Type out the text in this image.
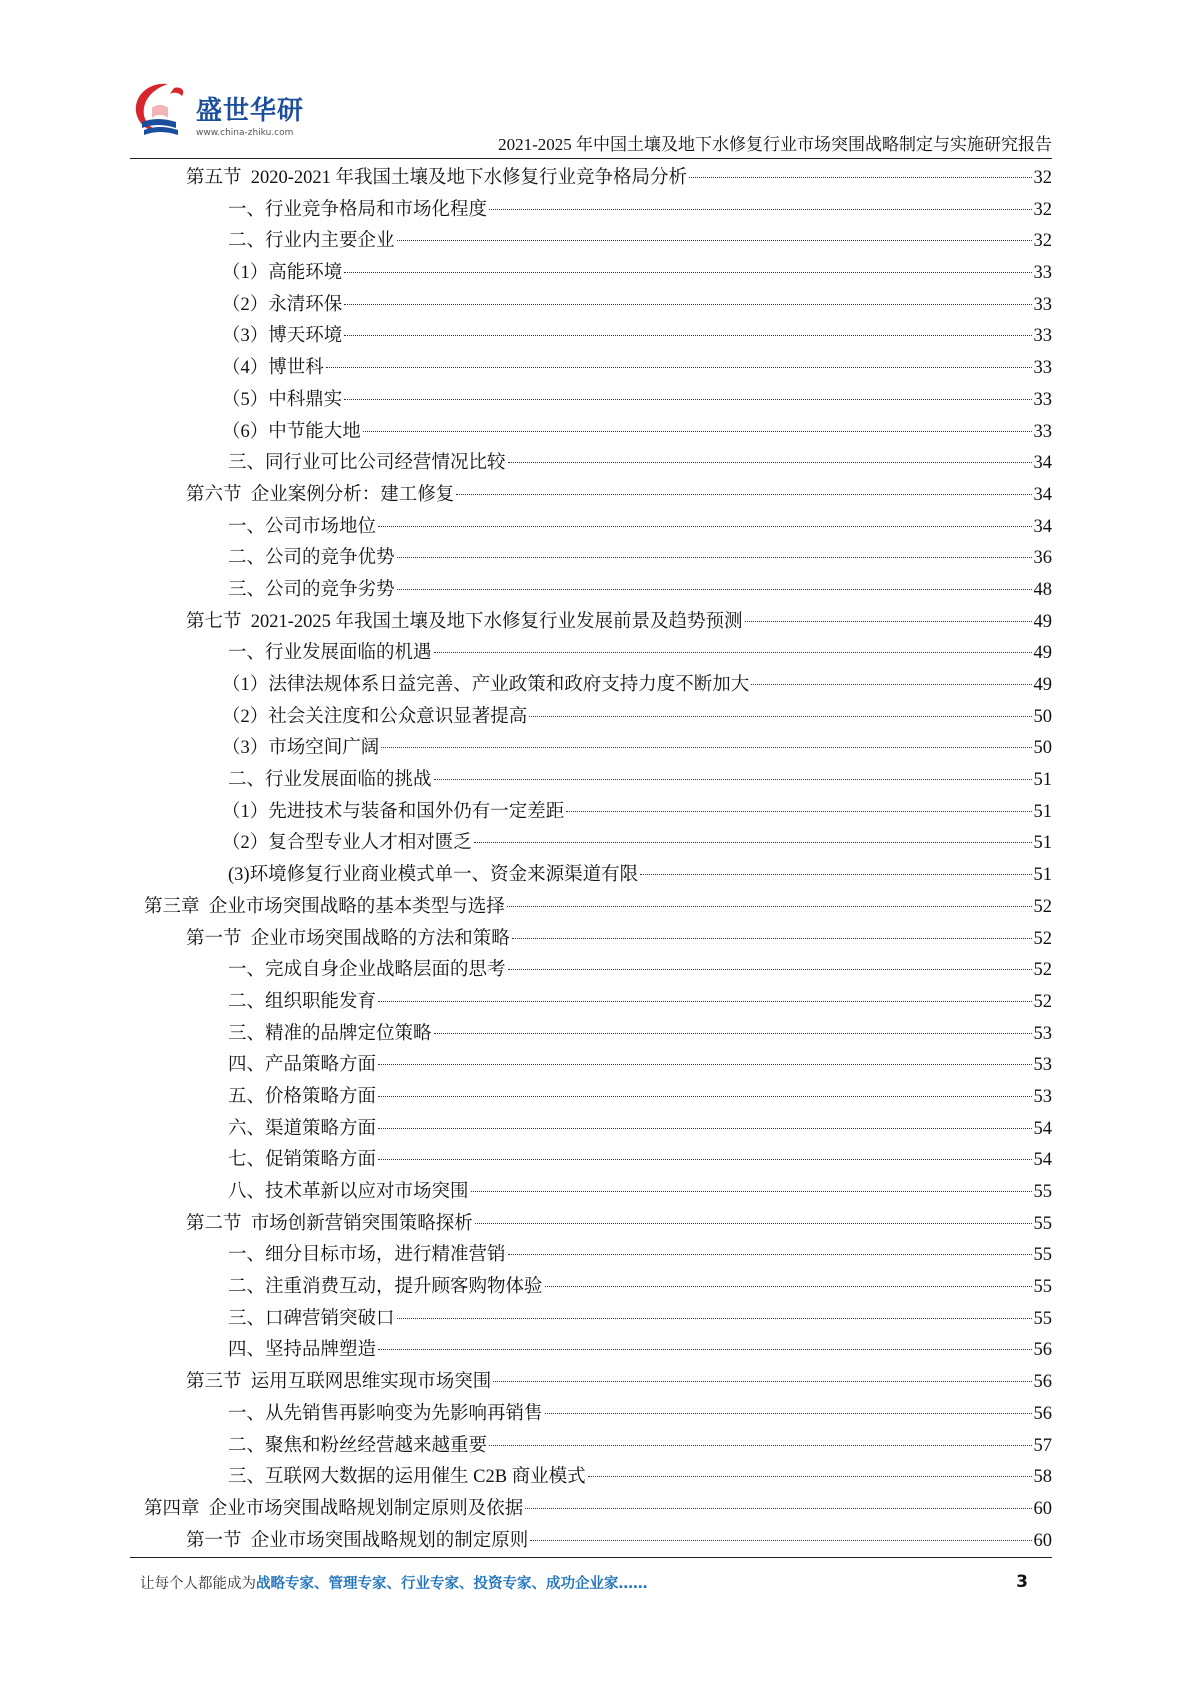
盛世华研
www.china-zhiku.com
2021-2025 年中国土壤及地下水修复行业市场突围战略制定与实施研究报告
第五节  2020-2021 年我国土壤及地下水修复行业竞争格局分析	32
一、行业竞争格局和市场化程度	32
二、行业内主要企业	32
（1）高能环境	33
（2）永清环保	33
（3）博天环境	33
（4）博世科	33
（5）中科鼎实	33
（6）中节能大地	33
三、同行业可比公司经营情况比较	34
第六节  企业案例分析：建工修复	34
一、公司市场地位	34
二、公司的竞争优势	36
三、公司的竞争劣势	48
第七节  2021-2025 年我国土壤及地下水修复行业发展前景及趋势预测	49
一、行业发展面临的机遇	49
（1）法律法规体系日益完善、产业政策和政府支持力度不断加大	49
（2）社会关注度和公众意识显著提高	50
（3）市场空间广阔	50
二、行业发展面临的挑战	51
（1）先进技术与装备和国外仍有一定差距	51
（2）复合型专业人才相对匮乏	51
(3)环境修复行业商业模式单一、资金来源渠道有限	51
第三章  企业市场突围战略的基本类型与选择	52
第一节  企业市场突围战略的方法和策略	52
一、完成自身企业战略层面的思考	52
二、组织职能发育	52
三、精准的品牌定位策略	53
四、产品策略方面	53
五、价格策略方面	53
六、渠道策略方面	54
七、促销策略方面	54
八、技术革新以应对市场突围	55
第二节  市场创新营销突围策略探析	55
一、细分目标市场，进行精准营销	55
二、注重消费互动，提升顾客购物体验	55
三、口碑营销突破口	55
四、坚持品牌塑造	56
第三节  运用互联网思维实现市场突围	56
一、从先销售再影响变为先影响再销售	56
二、聚焦和粉丝经营越来越重要	57
三、互联网大数据的运用催生 C2B 商业模式	58
第四章  企业市场突围战略规划制定原则及依据	60
第一节  企业市场突围战略规划的制定原则	60
让每个人都能成为战略专家、管理专家、行业专家、投资专家、成功企业家……	3
